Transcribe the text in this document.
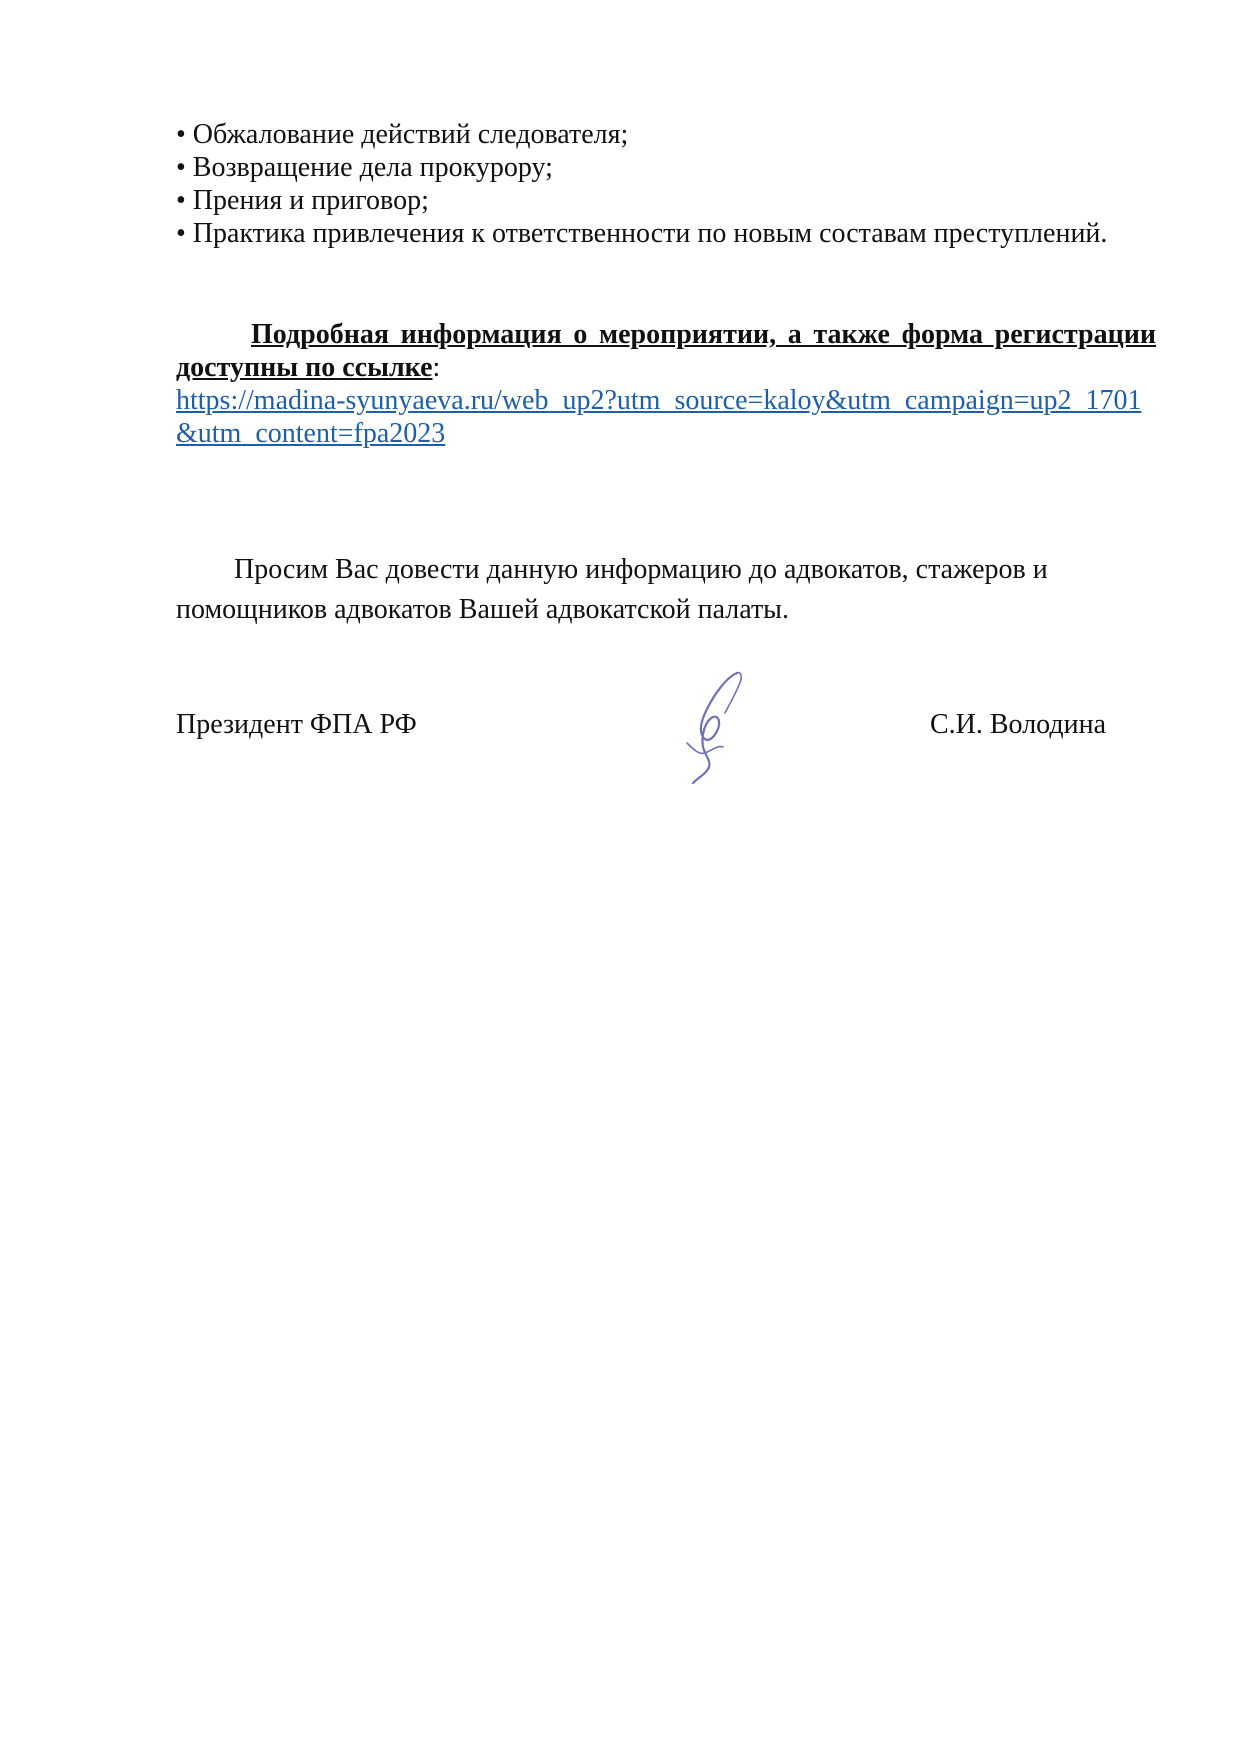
• Обжалование действий следователя;
• Возвращение дела прокурору;
• Прения и приговор;
• Практика привлечения к ответственности по новым составам преступлений.
Подробная информация о мероприятии, а также форма регистрации
доступны по ссылке:
https://madina-syunyaeva.ru/web_up2?utm_source=kaloy&utm_campaign=up2_1701&utm_content=fpa2023

Просим Вас довести данную информацию до адвокатов, стажеров и
помощников адвокатов Вашей адвокатской палаты.

Президент ФПА РФ	С.И. Володина
